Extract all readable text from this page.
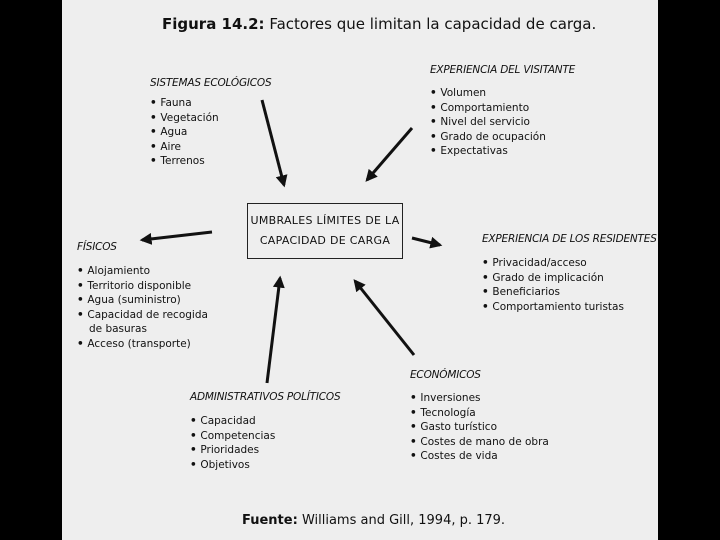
Figura 14.2: Factores que limitan la capacidad de carga.
SISTEMAS ECOLÓGICOS
• Fauna
• Vegetación
• Agua
• Aire
• Terrenos
EXPERIENCIA DEL VISITANTE
• Volumen
• Comportamiento
• Nivel del servicio
• Grado de ocupación
• Expectativas
UMBRALES LÍMITES DE LA
CAPACIDAD DE CARGA
FÍSICOS
• Alojamiento
• Territorio disponible
• Agua (suministro)
• Capacidad de recogida
de basuras
• Acceso (transporte)
EXPERIENCIA DE LOS RESIDENTES
• Privacidad/acceso
• Grado de implicación
• Beneficiarios
• Comportamiento turistas
ECONÓMICOS
• Inversiones
• Tecnología
• Gasto turístico
• Costes de mano de obra
• Costes de vida
ADMINISTRATIVOS POLÍTICOS
• Capacidad
• Competencias
• Prioridades
• Objetivos
Fuente: Williams and Gill, 1994, p. 179.
